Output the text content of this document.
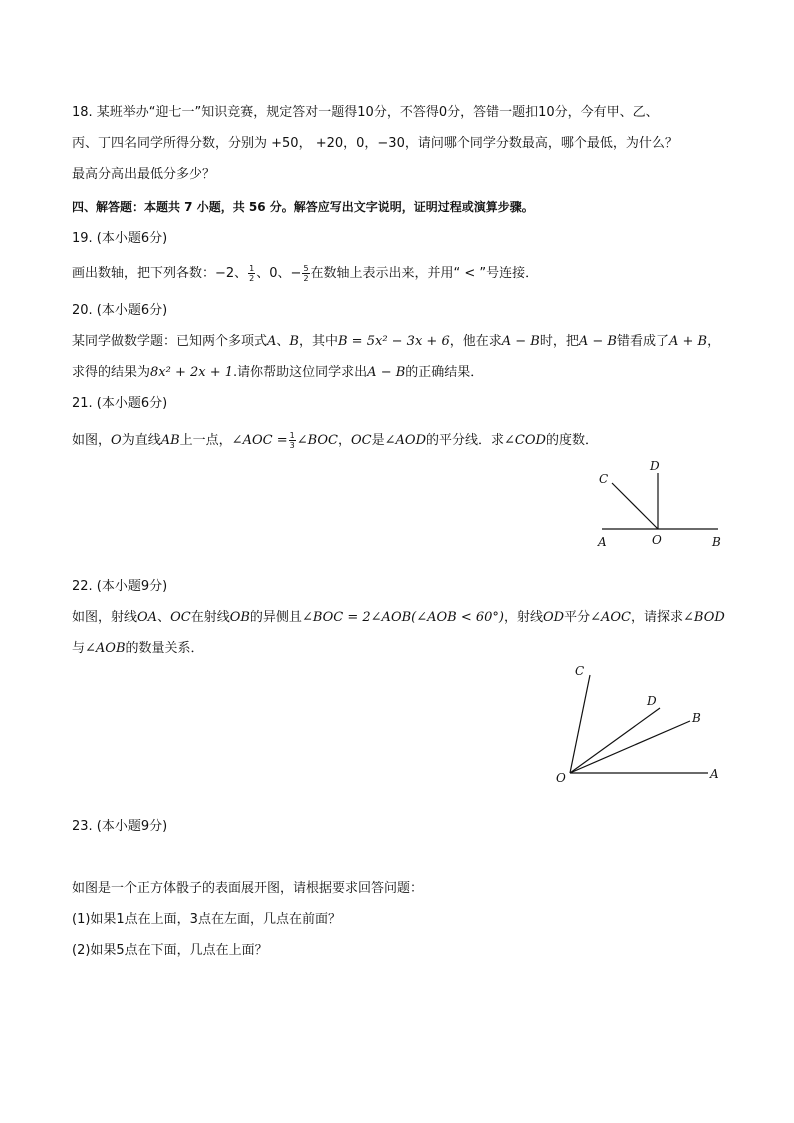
18. 某班举办“迎七一”知识竞赛，规定答对一题得10分，不答得0分，答错一题扣10分，今有甲、乙、
丙、丁四名同学所得分数，分别为 +50， +20，0，−30，请问哪个同学分数最高，哪个最低，为什么？
最高分高出最低分多少？
四、解答题：本题共 7 小题，共 56 分。解答应写出文字说明，证明过程或演算步骤。
19. (本小题6分)
画出数轴，把下列各数：−2、 $\frac{1}{2}$ 、0、− $\frac{5}{2}$ 在数轴上表示出来，并用“ < ”号连接．
20. (本小题6分)
某同学做数学题：已知两个多项式A、B，其中B = 5x² − 3x + 6，他在求A − B时，把A − B错看成了A + B，
求得的结果为8x² + 2x + 1.请你帮助这位同学求出A − B的正确结果．
21. (本小题6分)
如图，O为直线AB上一点，∠AOC = $\frac{1}{3}$ ∠BOC，OC是∠AOD的平分线．求∠COD的度数．
C
D
A	O	B
22. (本小题9分)
如图，射线OA、OC在射线OB的异侧且∠BOC = 2∠AOB(∠AOB < 60°)，射线OD平分∠AOC，请探求∠BOD
与∠AOB的数量关系．
C
D
B
O	A
23. (本小题9分)
如图是一个正方体骰子的表面展开图，请根据要求回答问题：
(1)如果1点在上面，3点在左面，几点在前面？
(2)如果5点在下面，几点在上面？
